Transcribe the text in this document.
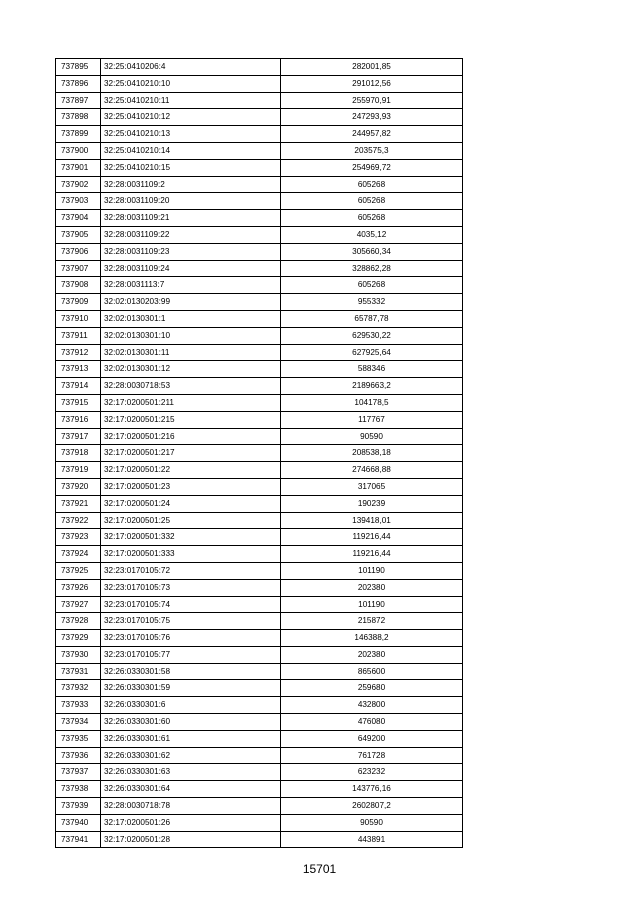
737895	32:25:0410206:4	282001,85
737896	32:25:0410210:10	291012,56
737897	32:25:0410210:11	255970,91
737898	32:25:0410210:12	247293,93
737899	32:25:0410210:13	244957,82
737900	32:25:0410210:14	203575,3
737901	32:25:0410210:15	254969,72
737902	32:28:0031109:2	605268
737903	32:28:0031109:20	605268
737904	32:28:0031109:21	605268
737905	32:28:0031109:22	4035,12
737906	32:28:0031109:23	305660,34
737907	32:28:0031109:24	328862,28
737908	32:28:0031113:7	605268
737909	32:02:0130203:99	955332
737910	32:02:0130301:1	65787,78
737911	32:02:0130301:10	629530,22
737912	32:02:0130301:11	627925,64
737913	32:02:0130301:12	588346
737914	32:28:0030718:53	2189663,2
737915	32:17:0200501:211	104178,5
737916	32:17:0200501:215	117767
737917	32:17:0200501:216	90590
737918	32:17:0200501:217	208538,18
737919	32:17:0200501:22	274668,88
737920	32:17:0200501:23	317065
737921	32:17:0200501:24	190239
737922	32:17:0200501:25	139418,01
737923	32:17:0200501:332	119216,44
737924	32:17:0200501:333	119216,44
737925	32:23:0170105:72	101190
737926	32:23:0170105:73	202380
737927	32:23:0170105:74	101190
737928	32:23:0170105:75	215872
737929	32:23:0170105:76	146388,2
737930	32:23:0170105:77	202380
737931	32:26:0330301:58	865600
737932	32:26:0330301:59	259680
737933	32:26:0330301:6	432800
737934	32:26:0330301:60	476080
737935	32:26:0330301:61	649200
737936	32:26:0330301:62	761728
737937	32:26:0330301:63	623232
737938	32:26:0330301:64	143776,16
737939	32:28:0030718:78	2602807,2
737940	32:17:0200501:26	90590
737941	32:17:0200501:28	443891
15701
